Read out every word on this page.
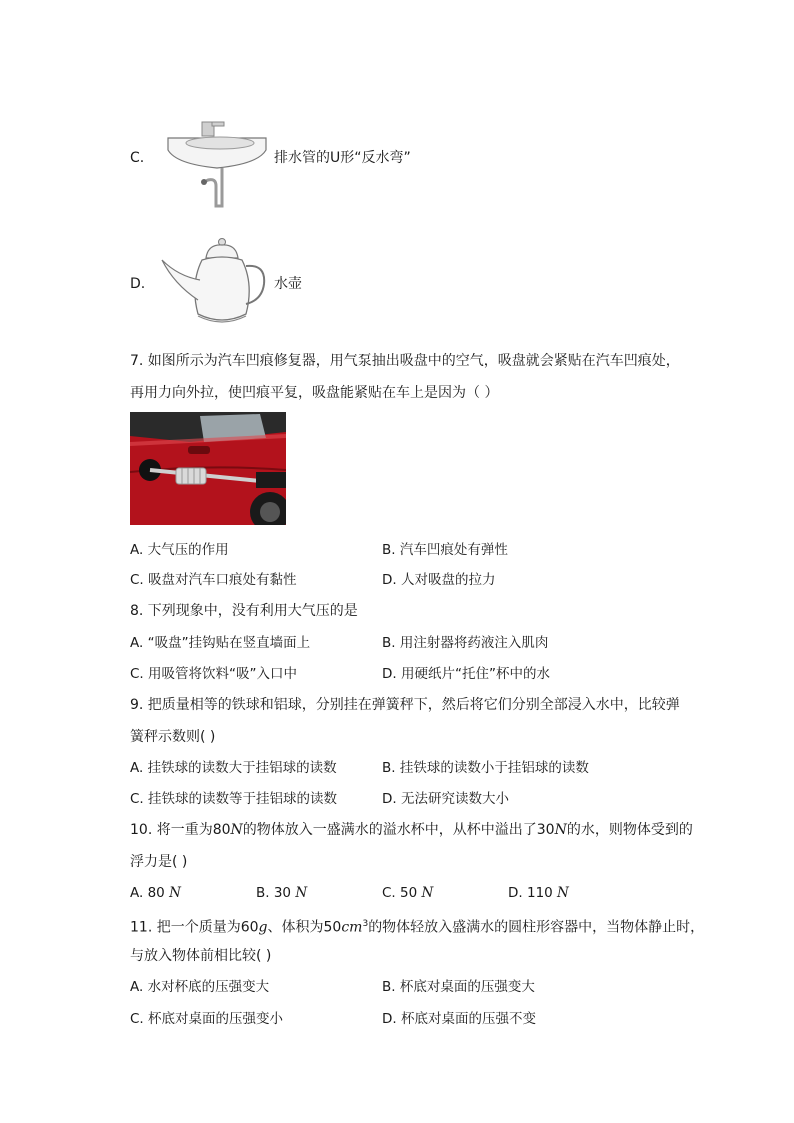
C.	排水管的U形“反水弯”
D.	水壶
7. 如图所示为汽车凹痕修复器，用气泵抽出吸盘中的空气，吸盘就会紧贴在汽车凹痕处，
再用力向外拉，使凹痕平复，吸盘能紧贴在车上是因为（ ）
A. 大气压的作用	B. 汽车凹痕处有弹性
C. 吸盘对汽车口痕处有黏性	D. 人对吸盘的拉力
8. 下列现象中，没有利用大气压的是
A. “吸盘”挂钩贴在竖直墙面上	B. 用注射器将药液注入肌肉
C. 用吸管将饮料“吸”入口中	D. 用硬纸片“托住”杯中的水
9. 把质量相等的铁球和铝球，分别挂在弹簧秤下，然后将它们分别全部浸入水中，比较弹
簧秤示数则( )
A. 挂铁球的读数大于挂铝球的读数	B. 挂铁球的读数小于挂铝球的读数
C. 挂铁球的读数等于挂铝球的读数	D. 无法研究读数大小
10. 将一重为80N的物体放入一盛满水的溢水杯中，从杯中溢出了30N的水，则物体受到的
浮力是( )
A. 80 N	B. 30 N	C. 50 N	D. 110 N
11. 把一个质量为60g、体积为$50cm^3$的物体轻放入盛满水的圆柱形容器中，当物体静止时，
与放入物体前相比较( )
A. 水对杯底的压强变大	B. 杯底对桌面的压强变大
C. 杯底对桌面的压强变小	D. 杯底对桌面的压强不变
